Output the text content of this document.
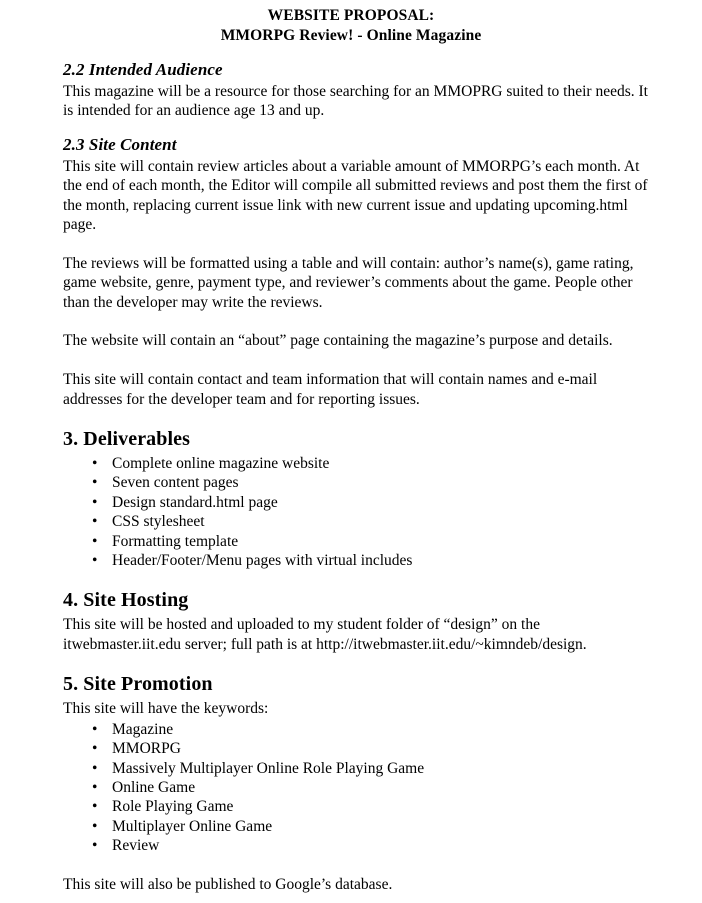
WEBSITE PROPOSAL:
MMORPG Review! - Online Magazine
2.2 Intended Audience

This magazine will be a resource for those searching for an MMOPRG suited to their needs. It is intended for an audience age 13 and up.

2.3 Site Content

This site will contain review articles about a variable amount of MMORPG’s each month. At the end of each month, the Editor will compile all submitted reviews and post them the first of the month, replacing current issue link with new current issue and updating upcoming.html page.

The reviews will be formatted using a table and will contain: author’s name(s), game rating, game website, genre, payment type, and reviewer’s comments about the game. People other than the developer may write the reviews.

The website will contain an “about” page containing the magazine’s purpose and details.

This site will contain contact and team information that will contain names and e-mail addresses for the developer team and for reporting issues.

3. Deliverables
• Complete online magazine website
• Seven content pages
• Design standard.html page
• CSS stylesheet
• Formatting template
• Header/Footer/Menu pages with virtual includes
4. Site Hosting

This site will be hosted and uploaded to my student folder of “design” on the itwebmaster.iit.edu server; full path is at http://itwebmaster.iit.edu/~kimndeb/design.

5. Site Promotion

This site will have the keywords:

• Magazine
• MMORPG
• Massively Multiplayer Online Role Playing Game
• Online Game
• Role Playing Game
• Multiplayer Online Game
• Review

This site will also be published to Google’s database.
